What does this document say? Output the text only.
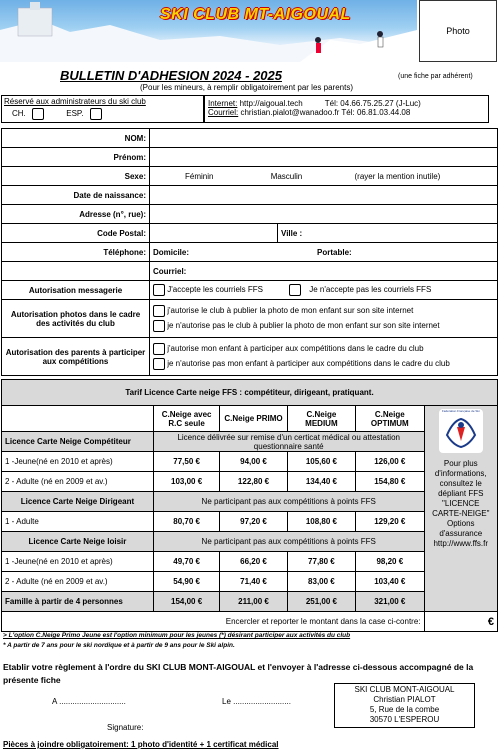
SKI CLUB MT-AIGOUAL
Photo
BULLETIN D'ADHESION 2024 - 2025	(une fiche par adhérent)
(Pour les mineurs, à remplir obligatoirement par les parents)
Réservé aux administrateurs du ski club
CH.	ESP.
Internet: http://aigoual.tech	Tél: 04.66.75.25.27 (J-Luc)
Courriel: christian.pialot@wanadoo.fr Tél: 06.81.03.44.08
NOM:		
Prénom:		
Sexe:	Féminin Masculin (rayer la mention inutile)	
Date de naissance:		
Adresse (n°, rue):		
Code Postal:		Ville :
Téléphone:	Domicile: Portable:	
	Courriel:	
Autorisation messagerie	J'accepte les courriels FFS Je n'accepte pas les courriels FFS	
Autorisation photos dans le cadre des activités du club	j'autorise le club à publier la photo de mon enfant sur son site internet
je n'autorise pas le club à publier la photo de mon enfant sur son site internet	

Autorisation des parents à participer aux compétitions	j'autorise mon enfant à participer aux compétitions dans le cadre du club
je n'autorise pas mon enfant à participer aux compétitions dans le cadre du club	
Tarif Licence Carte neige FFS : compétiteur, dirigeant, pratiquant.					
	C.Neige avec R.C seule	C.Neige PRIMO	C.Neige MEDIUM	C.Neige OPTIMUM	Fédération Française de Ski
Pour plus d'informations, consultez le dépliant FFS "LICENCE CARTE-NEIGE" Options d'assurance http://www.ffs.fr

Licence Carte Neige Compétiteur	Licence délivrée sur remise d'un certicat médical ou attestation questionnaire santé				
1 -Jeune(né en 2010 et après)	77,50 €	94,00 €	105,60 €	126,00 €	
2 - Adulte (né en 2009 et av.)	103,00 €	122,80 €	134,40 €	154,80 €	
Licence Carte Neige Dirigeant	Ne participant pas aux compétitions à points FFS				
1 - Adulte	80,70 €	97,20 €	108,80 €	129,20 €	
Licence Carte Neige loisir	Ne participant pas aux compétitions à points FFS				
1 -Jeune(né en 2010 et après)	49,70 €	66,20 €	77,80 €	98,20 €	
2 - Adulte (né en 2009 et av.)	54,90 €	71,40 €	83,00 €	103,40 €	
Famille à partir de 4 personnes	154,00 €	211,00 €	251,00 €	321,00 €	
Encercler et reporter le montant dans la case ci-contre:					€
> L'option C.Neige Primo Jeune est l'option minimum pour les jeunes (*) désirant participer aux activités du club
* A partir de 7 ans pour le ski nordique et à partir de 9 ans pour le Ski alpin.
Etablir votre règlement à l'ordre du SKI CLUB MONT-AIGOUAL et l'envoyer à l'adresse ci-dessous accompagné de la présente fiche
A ..............................	Le ..........................
Signature:
SKI CLUB MONT-AIGOUAL
Christian PIALOT
5, Rue de la combe
30570 L'ESPEROU
Pièces à joindre obligatoirement: 1 photo d'identité + 1 certificat médical
